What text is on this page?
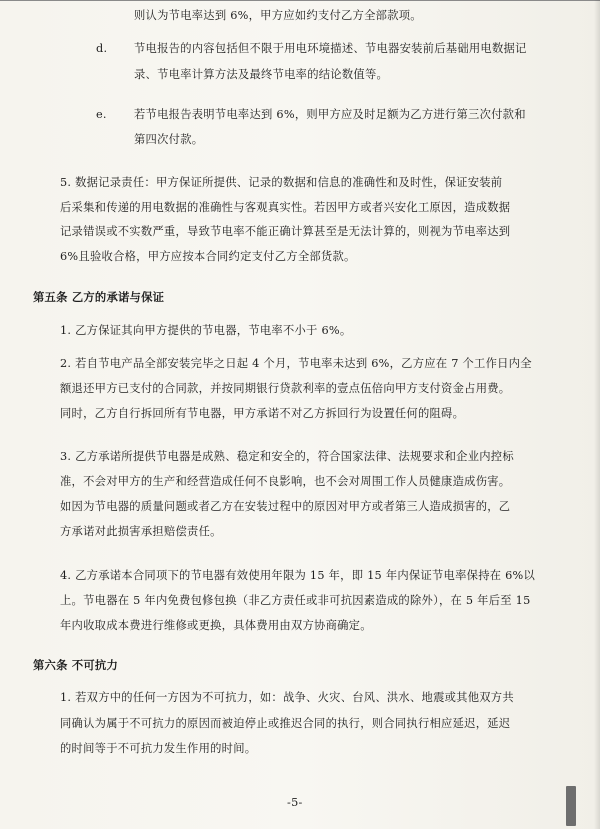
则认为节电率达到 6%，甲方应如约支付乙方全部款项。
d. 节电报告的内容包括但不限于用电环境描述、节电器安装前后基础用电数据记
录、节电率计算方法及最终节电率的结论数值等。
e. 若节电报告表明节电率达到 6%，则甲方应及时足额为乙方进行第三次付款和
第四次付款。
5. 数据记录责任：甲方保证所提供、记录的数据和信息的准确性和及时性，保证安装前
后采集和传递的用电数据的准确性与客观真实性。若因甲方或者兴安化工原因，造成数据
记录错误或不实数严重，导致节电率不能正确计算甚至是无法计算的，则视为节电率达到
6%且验收合格，甲方应按本合同约定支付乙方全部货款。
第五条 乙方的承诺与保证
1. 乙方保证其向甲方提供的节电器，节电率不小于 6%。
2. 若自节电产品全部安装完毕之日起 4 个月，节电率未达到 6%，乙方应在 7 个工作日内全
额退还甲方已支付的合同款，并按同期银行贷款利率的壹点伍倍向甲方支付资金占用费。
同时，乙方自行拆回所有节电器，甲方承诺不对乙方拆回行为设置任何的阻碍。
3. 乙方承诺所提供节电器是成熟、稳定和安全的，符合国家法律、法规要求和企业内控标
准，不会对甲方的生产和经营造成任何不良影响，也不会对周围工作人员健康造成伤害。
如因为节电器的质量问题或者乙方在安装过程中的原因对甲方或者第三人造成损害的，乙
方承诺对此损害承担赔偿责任。
4. 乙方承诺本合同项下的节电器有效使用年限为 15 年，即 15 年内保证节电率保持在 6%以
上。节电器在 5 年内免费包修包换（非乙方责任或非可抗因素造成的除外），在 5 年后至 15
年内收取成本费进行维修或更换，具体费用由双方协商确定。
第六条 不可抗力
1. 若双方中的任何一方因为不可抗力，如：战争、火灾、台风、洪水、地震或其他双方共
同确认为属于不可抗力的原因而被迫停止或推迟合同的执行，则合同执行相应延迟，延迟
的时间等于不可抗力发生作用的时间。
-5-
